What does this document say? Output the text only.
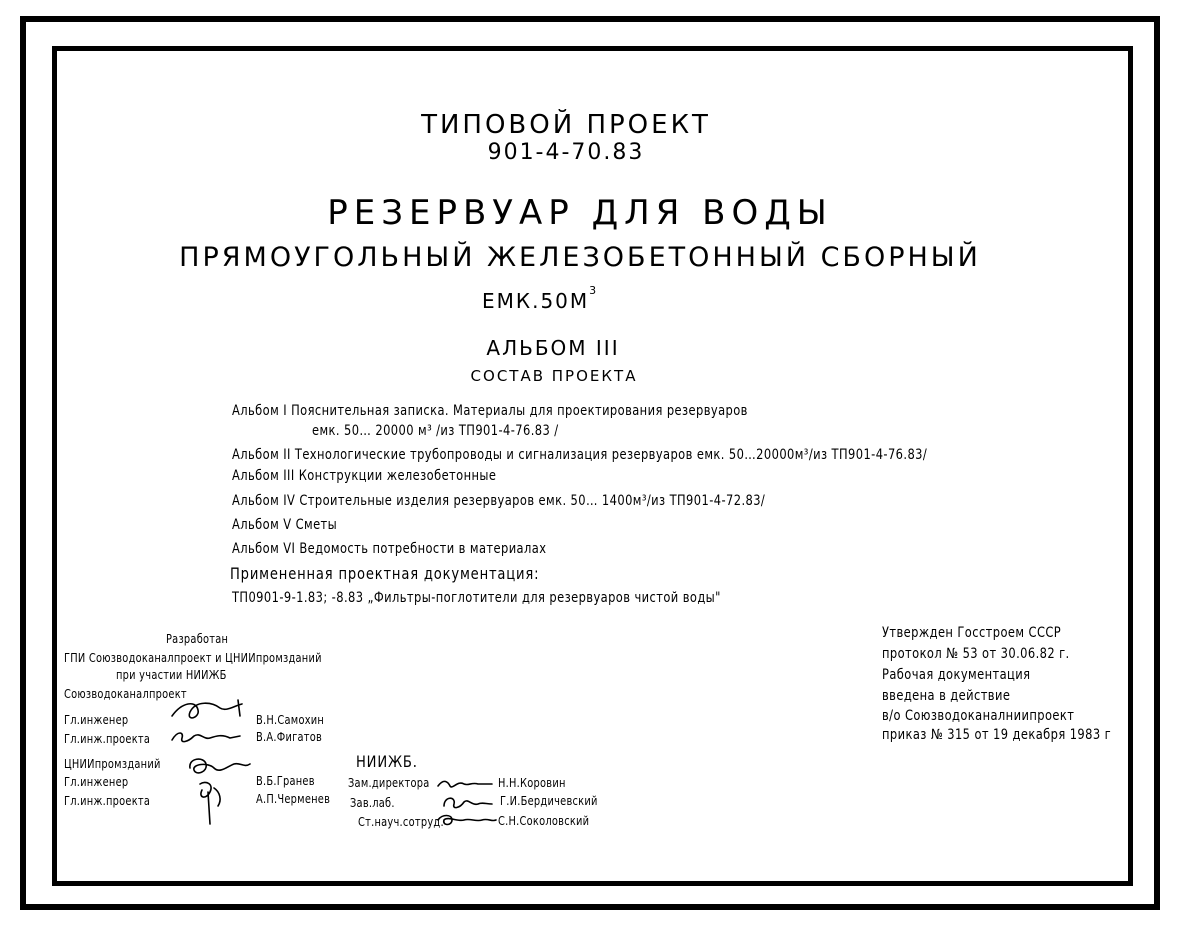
ТИПОВОЙ ПРОЕКТ
901-4-70.83
РЕЗЕРВУАР ДЛЯ ВОДЫ
ПРЯМОУГОЛЬНЫЙ ЖЕЛЕЗОБЕТОННЫЙ СБОРНЫЙ
$ЕМК.50М^3$
АЛЬБОМ III
СОСТАВ ПРОЕКТА
Альбом I Пояснительная записка. Материалы для проектирования резервуаров
емк. 50… 20000 м³ /из ТП901-4-76.83 /
Альбом II Технологические трубопроводы и сигнализация резервуаров емк. 50…20000м³/из ТП901-4-76.83/
Альбом III Конструкции железобетонные
Альбом IV Строительные изделия резервуаров емк. 50… 1400м³/из ТП901-4-72.83/
Альбом V Сметы
Альбом VI Ведомость потребности в материалах
Примененная проектная документация:
ТП0901-9-1.83; -8.83 „Фильтры-поглотители для резервуаров чистой воды"
Разработан
ГПИ Союзводоканалпроект и ЦНИИпромзданий
при участии НИИЖБ
Союзводоканалпроект
Гл.инженер	В.Н.Самохин
Гл.инж.проекта	В.А.Фигатов
ЦНИИпромзданий
Гл.инженер	В.Б.Гранев
Гл.инж.проекта	А.П.Черменев
НИИЖБ.
Зам.директора	Н.Н.Коровин
Зав.лаб.	Г.И.Бердичевский
Ст.науч.сотруд.	С.Н.Соколовский
Утвержден Госстроем СССР
протокол № 53 от 30.06.82 г.
Рабочая документация
введена в действие
в/о Союзводоканалниипроект
приказ № 315 от 19 декабря 1983 г
